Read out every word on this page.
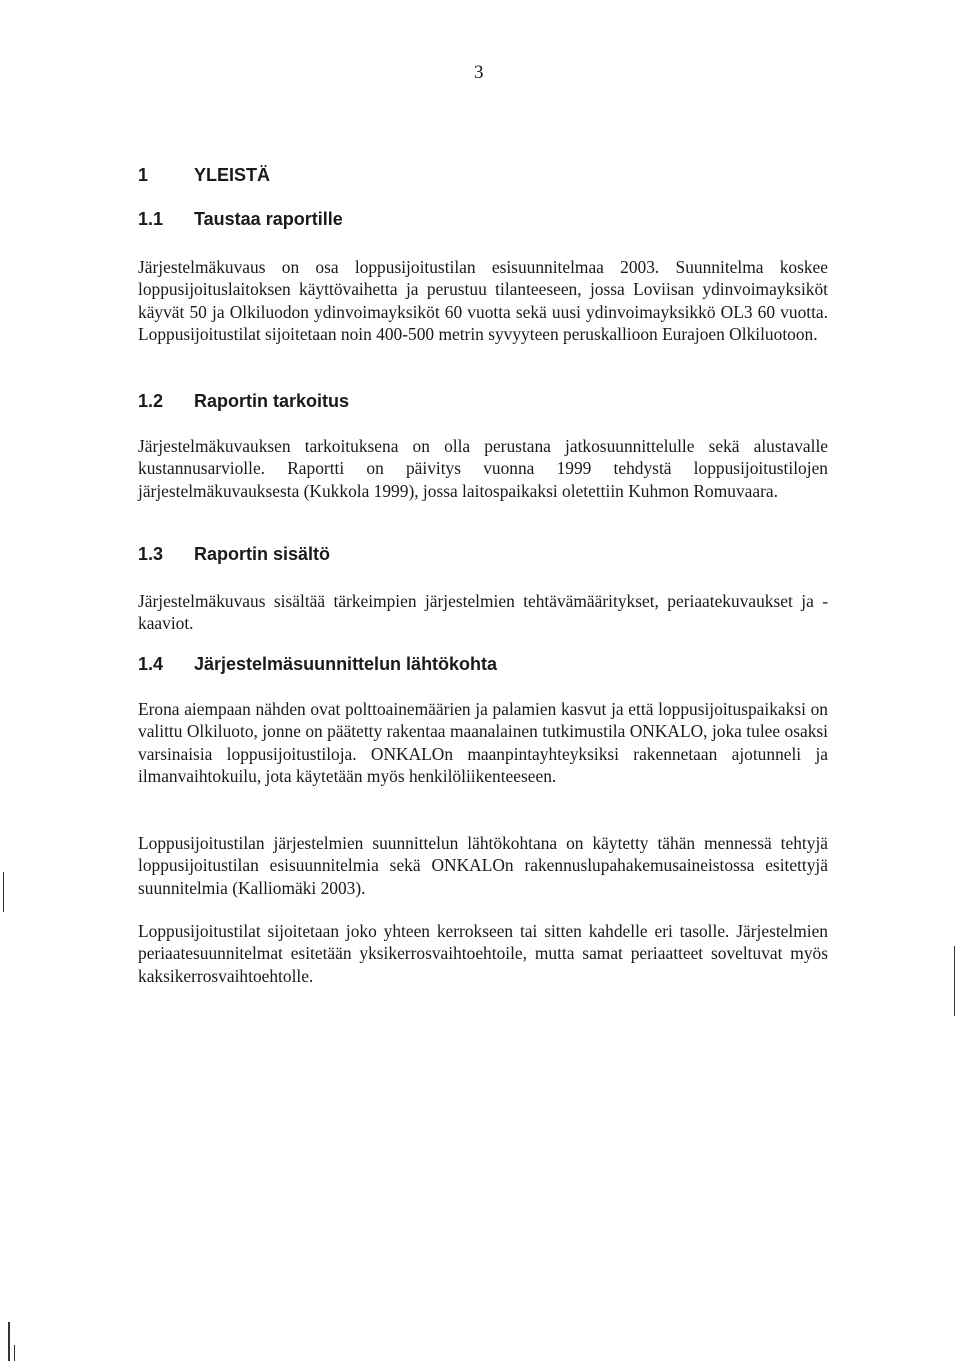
3
1	YLEISTÄ
1.1 Taustaa raportille

Järjestelmäkuvaus on osa loppusijoitustilan esisuunnitelmaa 2003. Suunnitelma koskee loppusijoituslaitoksen käyttövaihetta ja perustuu tilanteeseen, jossa Loviisan ydinvoimayksiköt käyvät 50 ja Olkiluodon ydinvoimayksiköt 60 vuotta sekä uusi ydinvoimayksikkö OL3 60 vuotta. Loppusijoitustilat sijoitetaan noin 400-500 metrin syvyyteen peruskallioon Eurajoen Olkiluotoon.

1.2 Raportin tarkoitus

Järjestelmäkuvauksen tarkoituksena on olla perustana jatkosuunnittelulle sekä alustavalle kustannusarviolle. Raportti on päivitys vuonna 1999 tehdystä loppusijoitustilojen järjestelmäkuvauksesta (Kukkola 1999), jossa laitospaikaksi oletettiin Kuhmon Romuvaara.

1.3 Raportin sisältö

Järjestelmäkuvaus sisältää tärkeimpien järjestelmien tehtävämääritykset, periaatekuvaukset ja -kaaviot.

1.4 Järjestelmäsuunnittelun lähtökohta

Erona aiempaan nähden ovat polttoainemäärien ja palamien kasvut ja että loppusijoituspaikaksi on valittu Olkiluoto, jonne on päätetty rakentaa maanalainen tutkimustila ONKALO, joka tulee osaksi varsinaisia loppusijoitustiloja. ONKALOn maanpintayhteyksiksi rakennetaan ajotunneli ja ilmanvaihtokuilu, jota käytetään myös henkilöliikenteeseen.

Loppusijoitustilan järjestelmien suunnittelun lähtökohtana on käytetty tähän mennessä tehtyjä loppusijoitustilan esisuunnitelmia sekä ONKALOn rakennuslupahakemusaineistossa esitettyjä suunnitelmia (Kalliomäki 2003).

Loppusijoitustilat sijoitetaan joko yhteen kerrokseen tai sitten kahdelle eri tasolle. Järjestelmien periaatesuunnitelmat esitetään yksikerrosvaihtoehtoile, mutta samat periaatteet soveltuvat myös kaksikerrosvaihtoehtolle.
